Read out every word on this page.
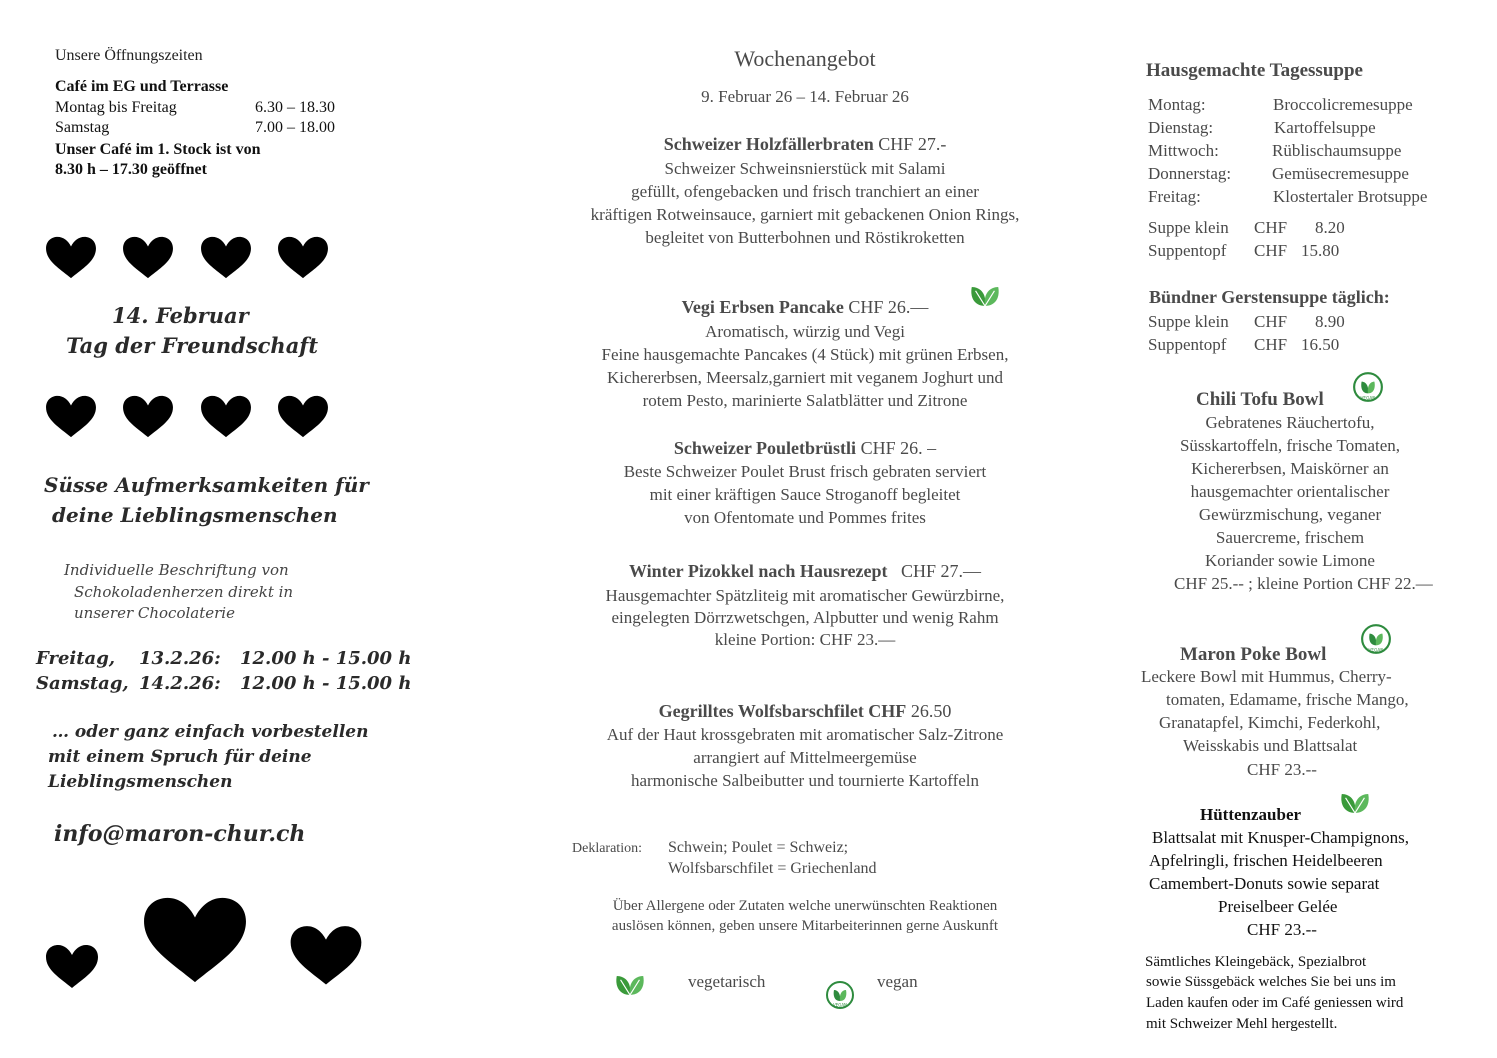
Unsere Öffnungszeiten
Café im EG und Terrasse
Montag bis Freitag	6.30 – 18.30
Samstag	7.00 – 18.00
Unser Café im 1. Stock ist von
8.30 h – 17.30 geöffnet
14. Februar
Tag der Freundschaft
Süsse Aufmerksamkeiten für
deine Lieblingsmenschen
Individuelle Beschriftung von
Schokoladenherzen direkt in
unserer Chocolaterie
Freitag, 13.2.26: 12.00 h - 15.00 h
Samstag, 14.2.26: 12.00 h - 15.00 h
… oder ganz einfach vorbestellen
mit einem Spruch für deine
Lieblingsmenschen
info@maron-chur.ch
Wochenangebot
9. Februar 26 – 14. Februar 26
Schweizer Holzfällerbraten CHF 27.-
Schweizer Schweinsnierstück mit Salami
gefüllt, ofengebacken und frisch tranchiert an einer
kräftigen Rotweinsauce, garniert mit gebackenen Onion Rings,
begleitet von Butterbohnen und Röstikroketten
Vegi Erbsen Pancake CHF 26.—
Aromatisch, würzig und Vegi
Feine hausgemachte Pancakes (4 Stück) mit grünen Erbsen,
Kichererbsen, Meersalz,garniert mit veganem Joghurt und
rotem Pesto, marinierte Salatblätter und Zitrone
Schweizer Pouletbrüstli CHF 26. –
Beste Schweizer Poulet Brust frisch gebraten serviert
mit einer kräftigen Sauce Stroganoff begleitet
von Ofentomate und Pommes frites
Winter Pizokkel nach Hausrezept CHF 27.—
Hausgemachter Spätzliteig mit aromatischer Gewürzbirne,
eingelegten Dörrzwetschgen, Alpbutter und wenig Rahm
kleine Portion: CHF 23.—
Gegrilltes Wolfsbarschfilet CHF 26.50
Auf der Haut krossgebraten mit aromatischer Salz-Zitrone
arrangiert auf Mittelmeergemüse
harmonische Salbeibutter und tournierte Kartoffeln
Deklaration: Schwein; Poulet = Schweiz;
Wolfsbarschfilet = Griechenland
Über Allergene oder Zutaten welche unerwünschten Reaktionen
auslösen können, geben unsere Mitarbeiterinnen gerne Auskunft
vegetarisch	vegan
Hausgemachte Tagessuppe
Montag:	Broccolicremesuppe
Dienstag:	Kartoffelsuppe
Mittwoch:	Rüblischaumsuppe
Donnerstag: Gemüsecremesuppe
Freitag:	Klostertaler Brotsuppe
Suppe klein CHF 8.20
Suppentopf CHF 15.80
Bündner Gerstensuppe täglich:
Suppe klein CHF 8.90
Suppentopf CHF 16.50
Chili Tofu Bowl
Gebratenes Räuchertofu,
Süsskartoffeln, frische Tomaten,
Kichererbsen, Maiskörner an
hausgemachter orientalischer
Gewürzmischung, veganer
Sauercreme, frischem
Koriander sowie Limone
CHF 25.-- ; kleine Portion CHF 22.—
Maron Poke Bowl
Leckere Bowl mit Hummus, Cherry-
tomaten, Edamame, frische Mango,
Granatapfel, Kimchi, Federkohl,
Weisskabis und Blattsalat
CHF 23.--
Hüttenzauber
Blattsalat mit Knusper-Champignons,
Apfelringli, frischen Heidelbeeren
Camembert-Donuts sowie separat
Preiselbeer Gelée
CHF 23.--
Sämtliches Kleingebäck, Spezialbrot
sowie Süssgebäck welches Sie bei uns im
Laden kaufen oder im Café geniessen wird
mit Schweizer Mehl hergestellt.
